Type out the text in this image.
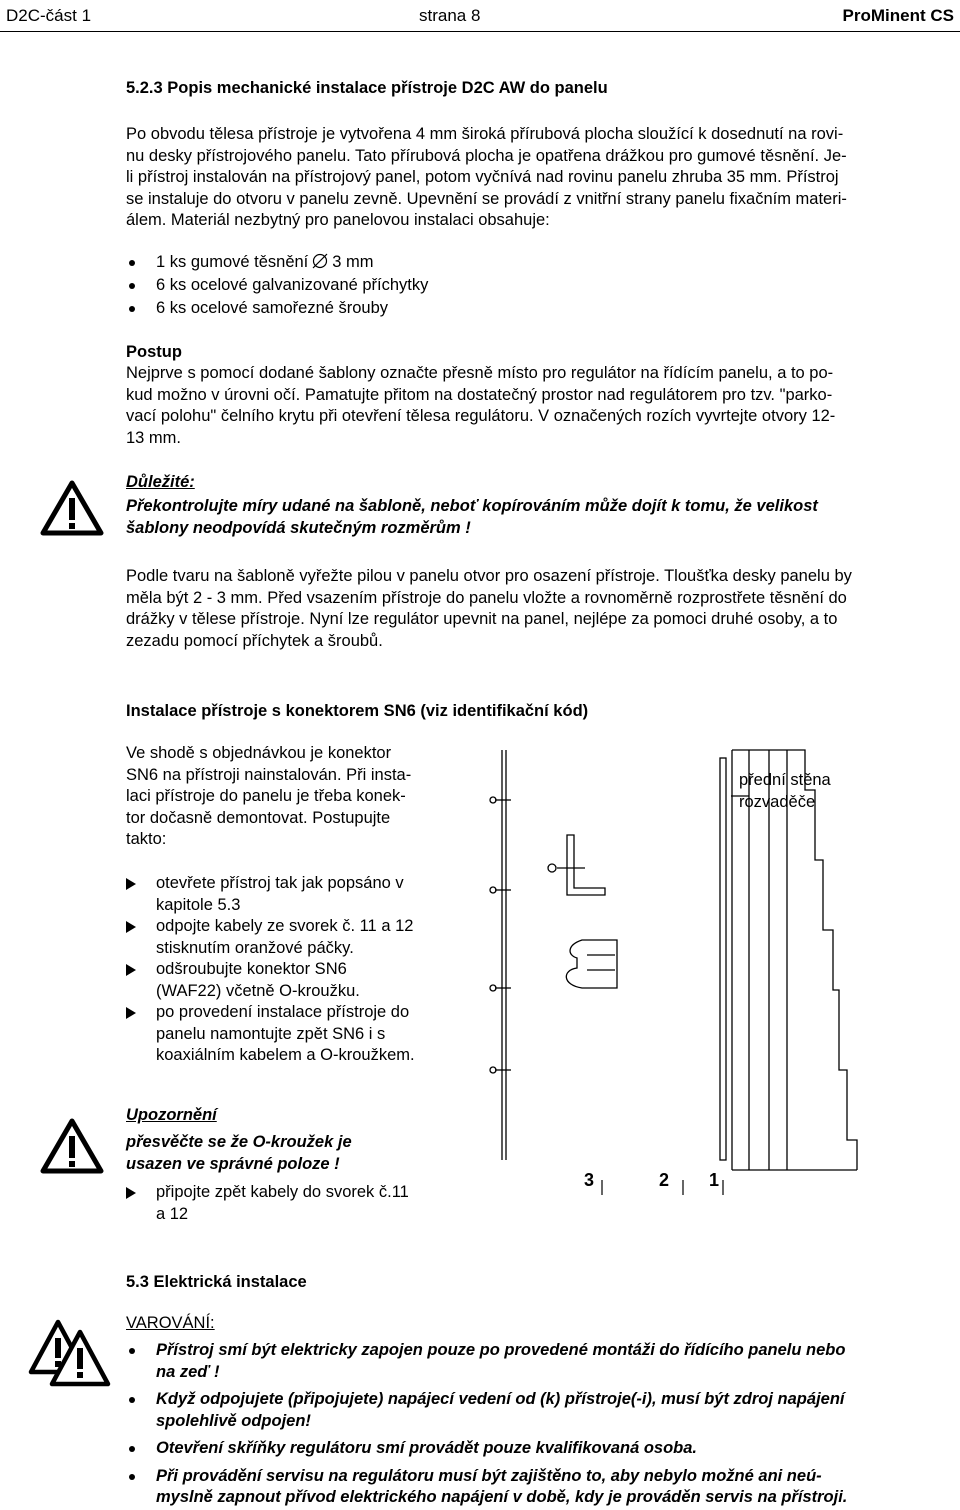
D2C-část 1	strana 8	ProMinent CS
5.2.3 Popis mechanické instalace přístroje D2C AW do panelu

Po obvodu tělesa přístroje je vytvořena 4 mm široká přírubová plocha sloužící k dosednutí na rovi-

nu desky přístrojového panelu. Tato přírubová plocha je opatřena drážkou pro gumové těsnění. Je-

li přístroj instalován na přístrojový panel, potom vyčnívá nad rovinu panelu zhruba 35 mm. Přístroj

se instaluje do otvoru v panelu zevně. Upevnění se provádí z vnitřní strany panelu fixačním materi-

álem. Materiál nezbytný pro panelovou instalaci obsahuje:

1 ks gumové těsnění 3 mm
6 ks ocelové galvanizované příchytky
6 ks ocelové samořezné šrouby
Postup

Nejprve s pomocí dodané šablony označte přesně místo pro regulátor na řídícím panelu, a to po-

kud možno v úrovni očí. Pamatujte přitom na dostatečný prostor nad regulátorem pro tzv. "parko-

vací polohu" čelního krytu při otevření tělesa regulátoru. V označených rozích vyvrtejte otvory 12-

13 mm.

Důležité:

Překontrolujte míry udané na šabloně, neboť kopírováním může dojít k tomu, že velikost

šablony neodpovídá skutečným rozměrům !

Podle tvaru na šabloně vyřežte pilou v panelu otvor pro osazení přístroje. Tloušťka desky panelu by

měla být 2 - 3 mm. Před vsazením přístroje do panelu vložte a rovnoměrně rozprostřete těsnění do

drážky v tělese přístroje. Nyní lze regulátor upevnit na panel, nejlépe za pomoci druhé osoby, a to

zezadu pomocí příchytek a šroubů.

Instalace přístroje s konektorem SN6 (viz identifikační kód)

Ve shodě s objednávkou je konektor

SN6 na přístroji nainstalován. Při insta-

laci přístroje do panelu je třeba konek-

tor dočasně demontovat. Postupujte

takto:

otevřete přístroj tak jak popsáno v
kapitole 5.3
odpojte kabely ze svorek č. 11 a 12
stisknutím oranžové páčky.
odšroubujte konektor SN6
(WAF22) včetně O-kroužku.
po provedení instalace přístroje do
panelu namontujte zpět SN6 i s
koaxiálním kabelem a O-kroužkem.
Upozornění

přesvěčte se že O-kroužek je

usazen ve správné poloze !

připojte zpět kabely do svorek č.11
a 12
přední stěna
rozvaděče
3	2 1
5.3 Elektrická instalace
VAROVÁNÍ:
Přístroj smí být elektricky zapojen pouze po provedené montáži do řídícího panelu nebo
na zeď !
Když odpojujete (připojujete) napájecí vedení od (k) přístroje(-i), musí být zdroj napájení
spolehlivě odpojen!
Otevření skříňky regulátoru smí provádět pouze kvalifikovaná osoba.
Při provádění servisu na regulátoru musí být zajištěno to, aby nebylo možné ani neú-
myslně zapnout přívod elektrického napájení v době, kdy je prováděn servis na přístroji.
